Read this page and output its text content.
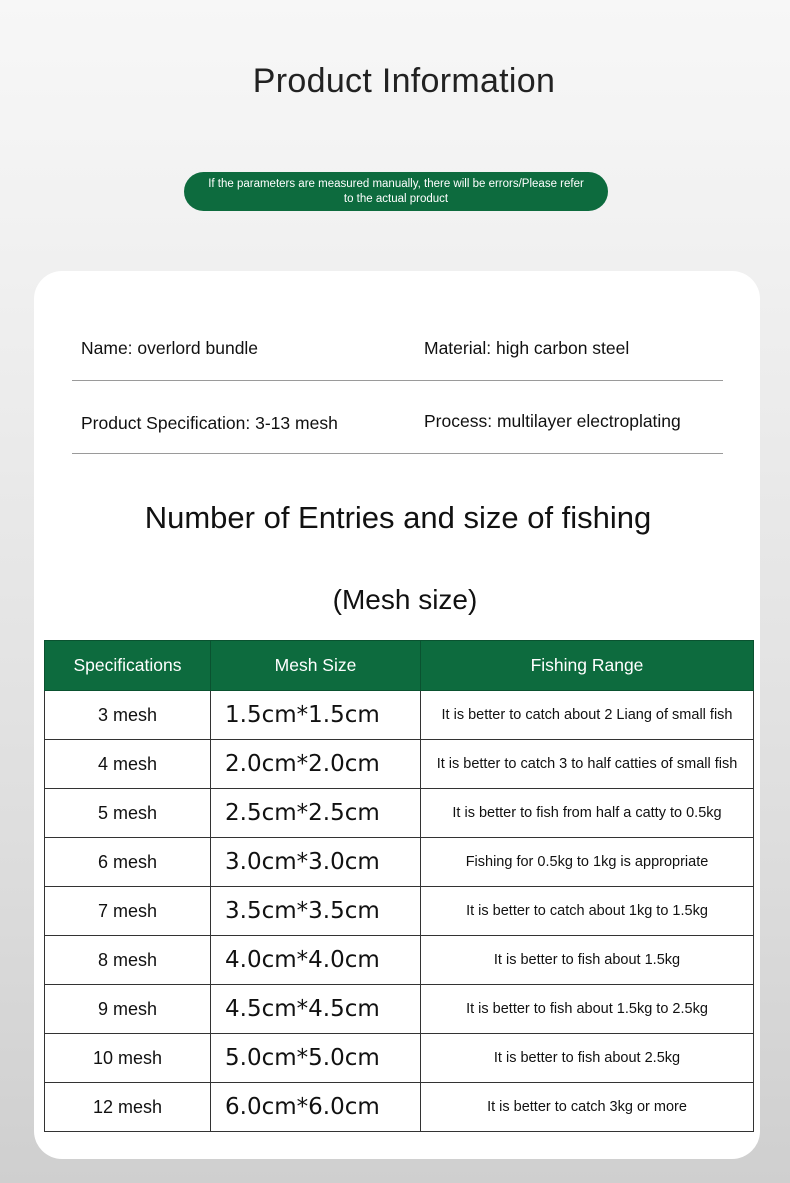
Product Information
If the parameters are measured manually, there will be errors/Please refer to the actual product
Name: overlord bundle	Material: high carbon steel
Product Specification: 3-13 mesh	Process: multilayer electroplating
Number of Entries and size of fishing
(Mesh size)
Specifications	Mesh Size	Fishing Range
3 mesh	1.5cm*1.5cm	It is better to catch about 2 Liang of small fish
4 mesh	2.0cm*2.0cm	It is better to catch 3 to half catties of small fish
5 mesh	2.5cm*2.5cm	It is better to fish from half a catty to 0.5kg
6 mesh	3.0cm*3.0cm	Fishing for 0.5kg to 1kg is appropriate
7 mesh	3.5cm*3.5cm	It is better to catch about 1kg to 1.5kg
8 mesh	4.0cm*4.0cm	It is better to fish about 1.5kg
9 mesh	4.5cm*4.5cm	It is better to fish about 1.5kg to 2.5kg
10 mesh	5.0cm*5.0cm	It is better to fish about 2.5kg
12 mesh	6.0cm*6.0cm	It is better to catch 3kg or more
